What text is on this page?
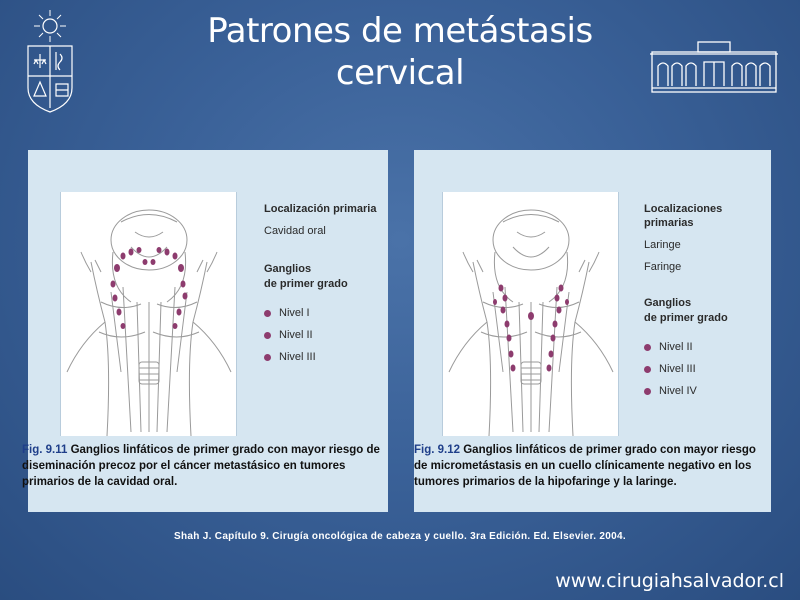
Patrones de metástasis
cervical
Localización primaria
Cavidad oral
Ganglios
de primer grado
Nivel I
Nivel II
Nivel III
Fig. 9.11 Ganglios linfáticos de primer grado con mayor riesgo de diseminación precoz por el cáncer metastásico en tumores primarios de la cavidad oral.
Localizaciones primarias
Laringe
Faringe
Ganglios
de primer grado
Nivel II
Nivel III
Nivel IV
Fig. 9.12 Ganglios linfáticos de primer grado con mayor riesgo de micrometástasis en un cuello clínicamente negativo en los tumores primarios de la hipofaringe y la laringe.
Shah J. Capítulo 9. Cirugía oncológica de cabeza y cuello. 3ra Edición. Ed. Elsevier. 2004.
www.cirugiahsalvador.cl
